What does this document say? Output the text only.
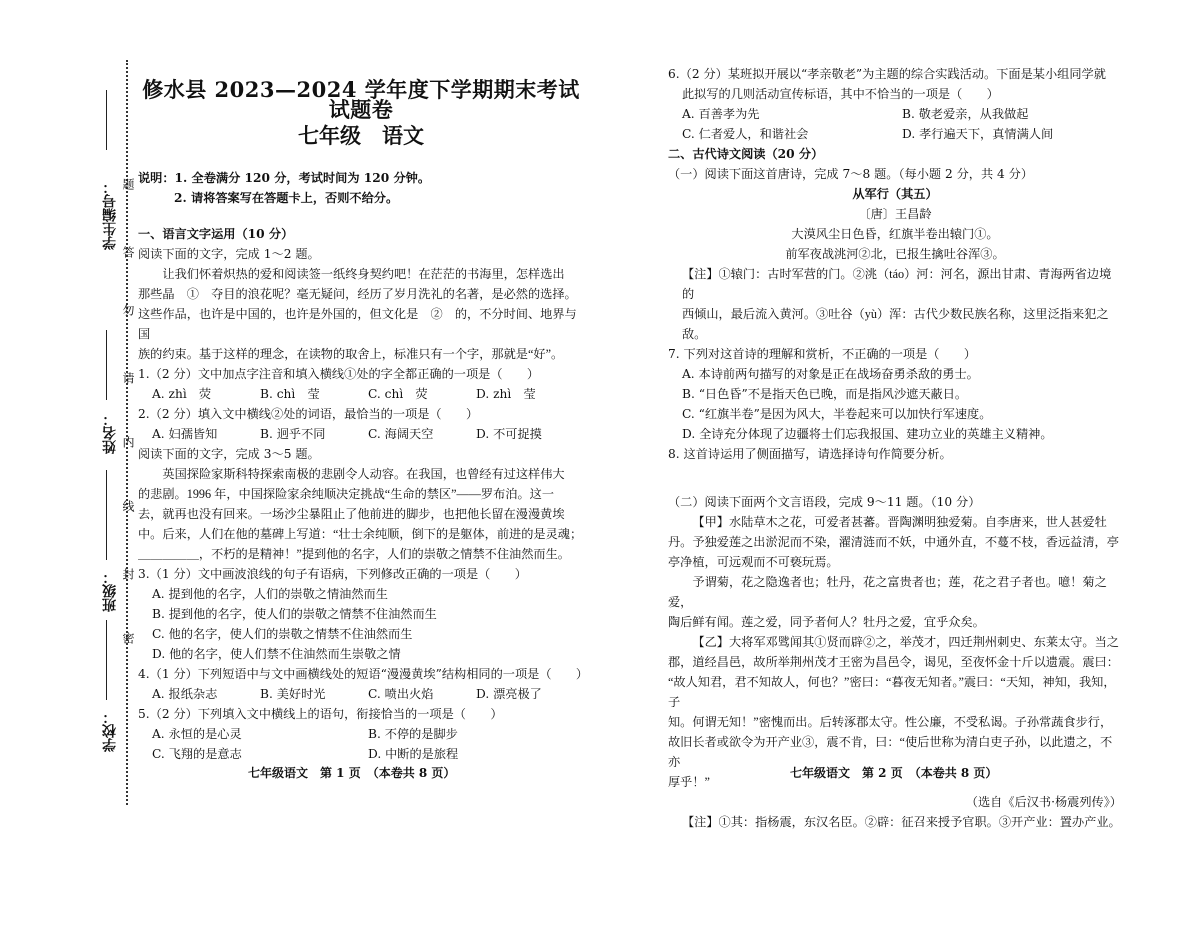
学生编号：
姓名：
班级：
学校：
题
答
勿
请
内
线
封
密
修水县 2023—2024 学年度下学期期末考试试题卷
七年级　语文

说明：1. 全卷满分 120 分，考试时间为 120 分钟。

2. 请将答案写在答题卡上，否则不给分。

一、语言文字运用（10 分）

阅读下面的文字，完成 1～2 题。

让我们怀着炽热的爱和阅读签一纸终身契约吧！在茫茫的书海里，怎样选出

那些晶　①　夺目的浪花呢？毫无疑问，经历了岁月洗礼的名著，是必然的选择。

这些作品，也许是中国的，也许是外国的，但文化是　②　的，不分时间、地界与国

族的约束。基于这样的理念，在读物的取舍上，标准只有一个字，那就是“好”。

1.（2 分）文中加点字注音和填入横线①处的字全都正确的一项是（　　）

A. zhì　荧	B. chì　莹	C. chì　荧	D. zhì　莹

2.（2 分）填入文中横线②处的词语，最恰当的一项是（　　）

A. 妇孺皆知	B. 迥乎不同	C. 海阔天空	D. 不可捉摸

阅读下面的文字，完成 3～5 题。

英国探险家斯科特探索南极的悲剧令人动容。在我国，也曾经有过这样伟大

的悲剧。1996 年，中国探险家余纯顺决定挑战“生命的禁区”——罗布泊。这一

去，就再也没有回来。一场沙尘暴阻止了他前进的脚步，也把他长留在漫漫黄埃

中。后来，人们在他的墓碑上写道：“壮士余纯顺，倒下的是躯体，前进的是灵魂；

＿＿＿＿＿，不朽的是精神！”提到他的名字，人们的崇敬之情禁不住油然而生。

3.（1 分）文中画波浪线的句子有语病，下列修改正确的一项是（　　）

A. 提到他的名字，人们的崇敬之情油然而生
B. 提到他的名字，使人们的崇敬之情禁不住油然而生
C. 他的名字，使人们的崇敬之情禁不住油然而生
D. 他的名字，使人们禁不住油然而生崇敬之情

4.（1 分）下列短语中与文中画横线处的短语“漫漫黄埃”结构相同的一项是（　　）

A. 报纸杂志	B. 美好时光	C. 喷出火焰	D. 漂亮极了

5.（2 分）下列填入文中横线上的语句，衔接恰当的一项是（　　）

A. 永恒的是心灵	B. 不停的是脚步
C. 飞翔的是意志	D. 中断的是旅程
七年级语文　第 1 页　（本卷共 8 页）

6.（2 分）某班拟开展以“孝亲敬老”为主题的综合实践活动。下面是某小组同学就

此拟写的几则活动宣传标语，其中不恰当的一项是（　　）

A. 百善孝为先	B. 敬老爱亲，从我做起
C. 仁者爱人，和谐社会	D. 孝行遍天下，真情满人间

二、古代诗文阅读（20 分）

（一）阅读下面这首唐诗，完成 7～8 题。（每小题 2 分，共 4 分）

从军行（其五）

〔唐〕王昌龄

大漠风尘日色昏，红旗半卷出辕门①。

前军夜战洮河②北，已报生擒吐谷浑③。

【注】①辕门：古时军营的门。②洮（táo）河：河名，源出甘肃、青海两省边境的

西倾山，最后流入黄河。③吐谷（yù）浑：古代少数民族名称，这里泛指来犯之敌。

7. 下列对这首诗的理解和赏析，不正确的一项是（　　）

A. 本诗前两句描写的对象是正在战场奋勇杀敌的勇士。
B. “日色昏”不是指天色已晚，而是指风沙遮天蔽日。
C. “红旗半卷”是因为风大，半卷起来可以加快行军速度。
D. 全诗充分体现了边疆将士们忘我报国、建功立业的英雄主义精神。

8. 这首诗运用了侧面描写，请选择诗句作简要分析。

（二）阅读下面两个文言语段，完成 9～11 题。（10 分）

【甲】水陆草木之花，可爱者甚蕃。晋陶渊明独爱菊。自李唐来，世人甚爱牡

丹。予独爱莲之出淤泥而不染，濯清涟而不妖，中通外直，不蔓不枝，香远益清，亭

亭净植，可远观而不可亵玩焉。

予谓菊，花之隐逸者也；牡丹，花之富贵者也；莲，花之君子者也。噫！菊之爱，

陶后鲜有闻。莲之爱，同予者何人？牡丹之爱，宜乎众矣。

【乙】大将军邓骘闻其①贤而辟②之，举茂才，四迁荆州刺史、东莱太守。当之

郡，道经昌邑，故所举荆州茂才王密为昌邑令，谒见，至夜怀金十斤以遗震。震曰：

“故人知君，君不知故人，何也？”密曰：“暮夜无知者。”震曰：“天知，神知，我知，子

知。何谓无知！”密愧而出。后转涿郡太守。性公廉，不受私谒。子孙常蔬食步行，

故旧长者或欲令为开产业③，震不肯，曰：“使后世称为清白吏子孙，以此遗之，不亦

厚乎！”

（选自《后汉书·杨震列传》）

【注】①其：指杨震，东汉名臣。②辟：征召来授予官职。③开产业：置办产业。

七年级语文　第 2 页　（本卷共 8 页）
